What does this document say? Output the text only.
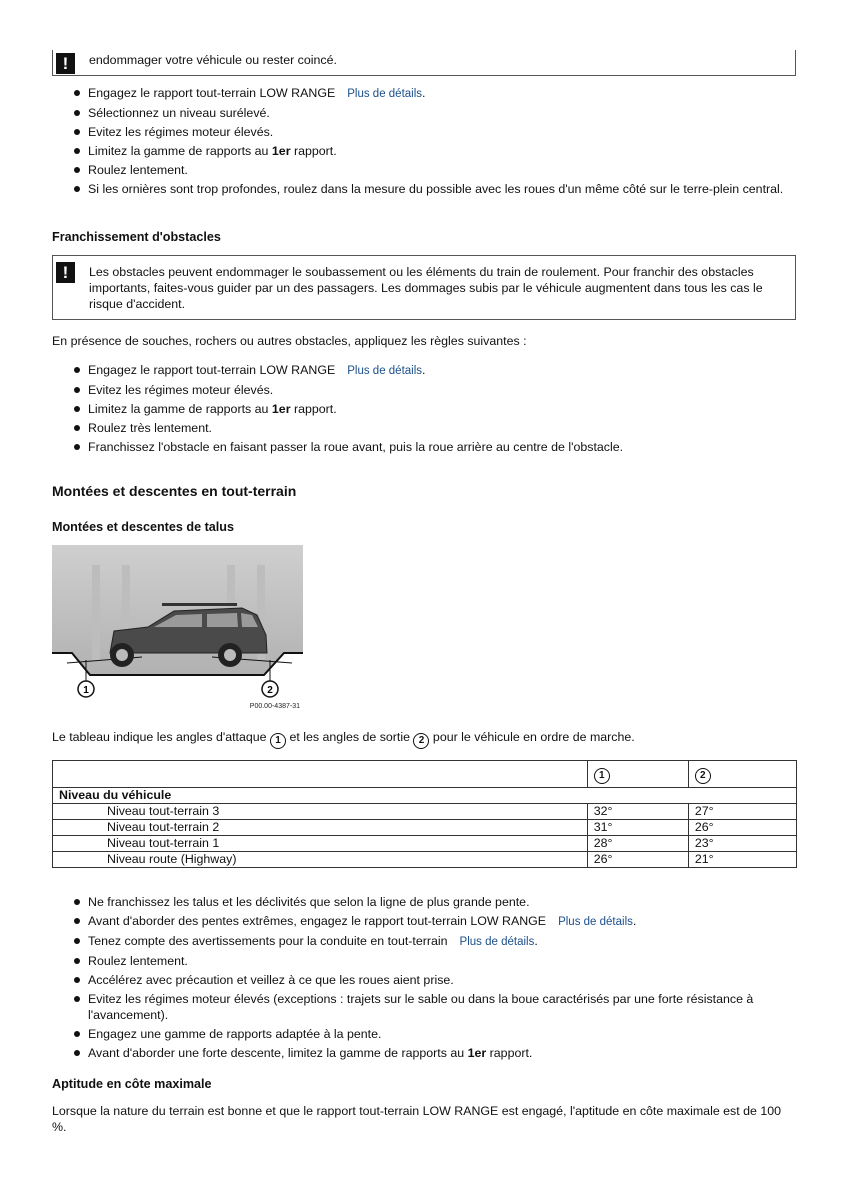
!	endommager votre véhicule ou rester coincé.
Engagez le rapport tout-terrain LOW RANGE Plus de détails.
Sélectionnez un niveau surélevé.
Evitez les régimes moteur élevés.
Limitez la gamme de rapports au 1er rapport.
Roulez lentement.
Si les ornières sont trop profondes, roulez dans la mesure du possible avec les roues d'un même côté sur le terre-plein central.
Franchissement d'obstacles
!	Les obstacles peuvent endommager le soubassement ou les éléments du train de roulement. Pour franchir des obstacles importants, faites-vous guider par un des passagers. Les dommages subis par le véhicule augmentent dans tous les cas le risque d'accident.
En présence de souches, rochers ou autres obstacles, appliquez les règles suivantes :
Engagez le rapport tout-terrain LOW RANGE Plus de détails.
Evitez les régimes moteur élevés.
Limitez la gamme de rapports au 1er rapport.
Roulez très lentement.
Franchissez l'obstacle en faisant passer la roue avant, puis la roue arrière au centre de l'obstacle.
Montées et descentes en tout-terrain
Montées et descentes de talus
1	2
P00.00-4387-31
Le tableau indique les angles d'attaque 1 et les angles de sortie 2 pour le véhicule en ordre de marche.
	1	2
Niveau du véhicule		
Niveau tout-terrain 3	32°	27°
Niveau tout-terrain 2	31°	26°
Niveau tout-terrain 1	28°	23°
Niveau route (Highway)	26°	21°
Ne franchissez les talus et les déclivités que selon la ligne de plus grande pente.
Avant d'aborder des pentes extrêmes, engagez le rapport tout-terrain LOW RANGE Plus de détails.
Tenez compte des avertissements pour la conduite en tout-terrain Plus de détails.
Roulez lentement.
Accélérez avec précaution et veillez à ce que les roues aient prise.
Evitez les régimes moteur élevés (exceptions : trajets sur le sable ou dans la boue caractérisés par une forte résistance à l'avancement).
Engagez une gamme de rapports adaptée à la pente.
Avant d'aborder une forte descente, limitez la gamme de rapports au 1er rapport.
Aptitude en côte maximale
Lorsque la nature du terrain est bonne et que le rapport tout-terrain LOW RANGE est engagé, l'aptitude en côte maximale est de 100 %.
